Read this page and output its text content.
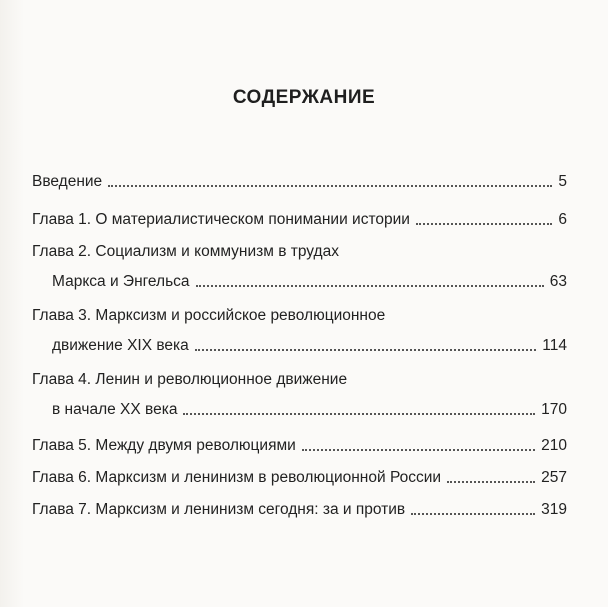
СОДЕРЖАНИЕ
Введение	5
Глава 1. О материалистическом понимании истории	6
Глава 2. Социализм и коммунизм в трудах
Маркса и Энгельса	63
Глава 3. Марксизм и российское революционное
движение XIX века	114
Глава 4. Ленин и революционное движение
в начале XX века	170
Глава 5. Между двумя революциями	210
Глава 6. Марксизм и ленинизм в революционной России	257
Глава 7. Марксизм и ленинизм сегодня: за и против	319
